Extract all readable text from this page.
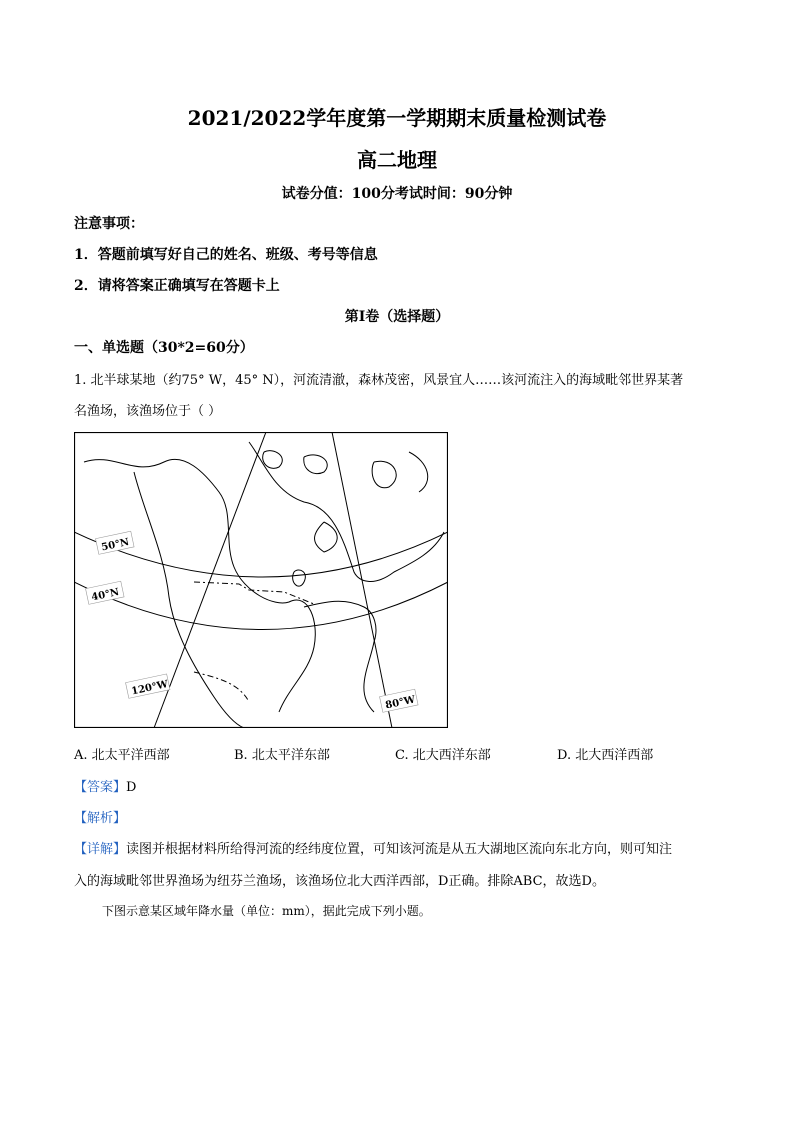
2021/2022学年度第一学期期末质量检测试卷
高二地理
试卷分值：100分考试时间：90分钟
注意事项：
1．答题前填写好自己的姓名、班级、考号等信息
2．请将答案正确填写在答题卡上
第I卷（选择题）
一、单选题（30*2=60分）
1. 北半球某地（约75° W，45° N），河流清澈，森林茂密，风景宜人……该河流注入的海域毗邻世界某著
名渔场，该渔场位于（ ）
50°N
40°N
120°W
80°W
A. 北太平洋西部	B. 北太平洋东部	C. 北大西洋东部	D. 北大西洋西部
【答案】D
【解析】
【详解】读图并根据材料所给得河流的经纬度位置，可知该河流是从五大湖地区流向东北方向，则可知注
入的海域毗邻世界渔场为纽芬兰渔场，该渔场位北大西洋西部，D正确。排除ABC，故选D。
下图示意某区域年降水量（单位：mm），据此完成下列小题。
